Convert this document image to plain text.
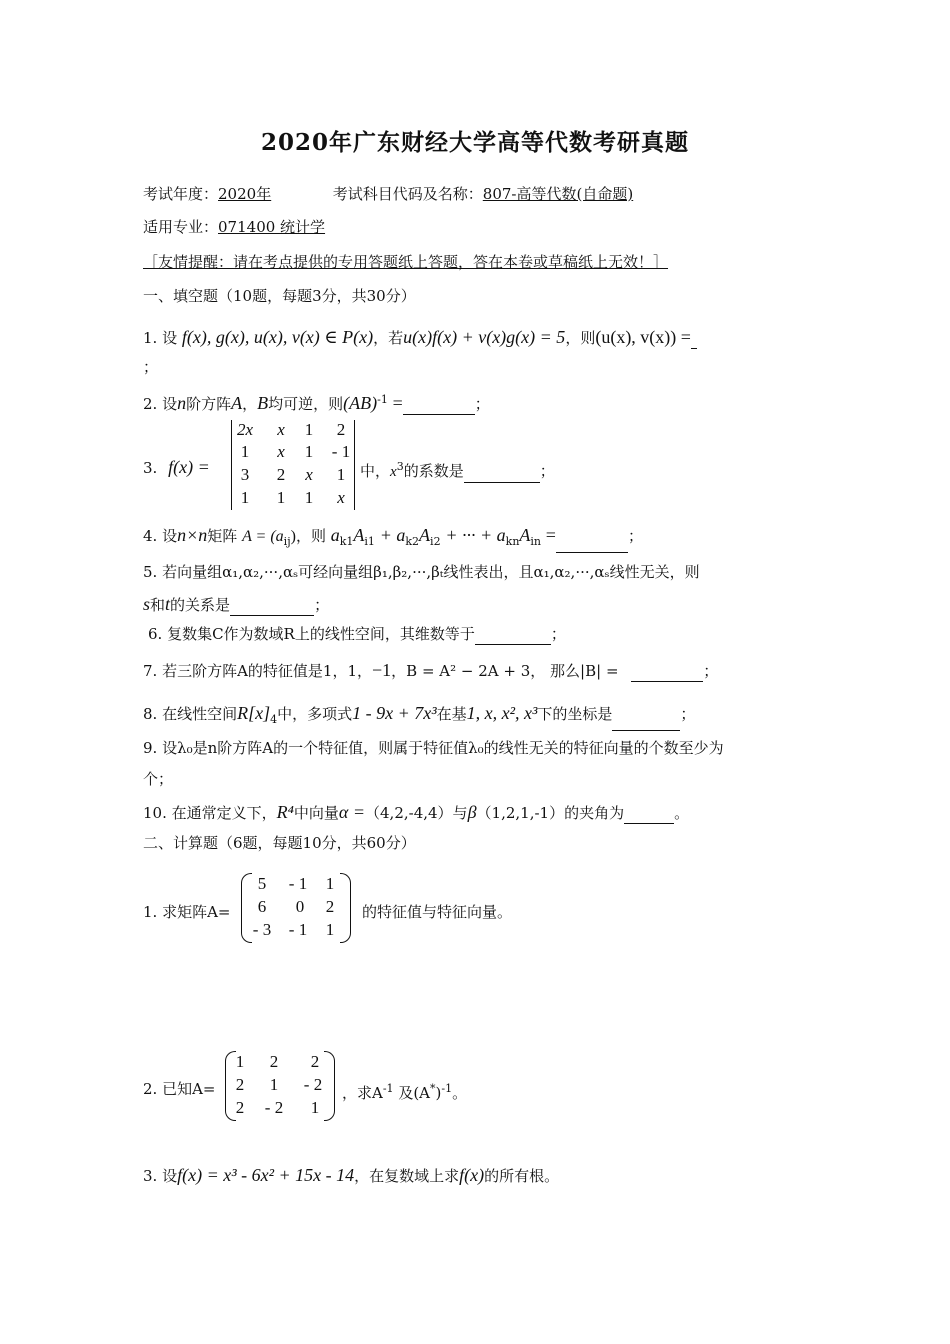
2020年广东财经大学高等代数考研真题
考试年度：2020年	考试科目代码及名称：807-高等代数(自命题)
适用专业：071400 统计学
［友情提醒：请在考点提供的专用答题纸上答题，答在本卷或草稿纸上无效！］
一、填空题（10题，每题3分，共30分）
1. 设 f(x), g(x), u(x), v(x) ∈ P(x)，若u(x)f(x) + v(x)g(x) = 5，则(u(x), v(x)) =
；
2. 设n阶方阵A，B均可逆，则(AB)$^{-1}$ =	；
3. f(x) =
2x	x	1	2
1	x	1	- 1
3	2	x	1
1	1	1	x
中，$x^3$的系数是	；
4. 设n×n矩阵 $A = (a_{ij})$，则 $a_{k1}A_{i1} + a_{k2}A_{i2}$ + ··· + $a_{kn}A_{in}$ =	；
5. 若向量组α₁,α₂,···,αₛ可经向量组β₁,β₂,···,βₜ线性表出，且α₁,α₂,···,αₛ线性无关，则
s和t的关系是	；
6. 复数集C作为数域R上的线性空间，其维数等于	；
7. 若三阶方阵A的特征值是1，1，−1，B = A² − 2A + 3， 那么|B| =	；
8. 在线性空间$R[x]_4$中，多项式1 - 9x + 7x³在基1, x, x², x³下的坐标是	；
9. 设λ₀是n阶方阵A的一个特征值，则属于特征值λ₀的线性无关的特征向量的个数至少为
个；
10. 在通常定义下，R⁴中向量α =（4,2,-4,4）与β（1,2,1,-1）的夹角为	。
二、计算题（6题，每题10分，共60分）
1. 求矩阵A=
5	- 1	1
6	0	2
- 3	- 1	1
的特征值与特征向量。
2. 已知A=
1	2	2
2	1	- 2
2	- 2	1
，求$A^{-1}$ 及$(A^*)^{-1}$。
3. 设f(x) = x³ - 6x² + 15x - 14，在复数域上求f(x)的所有根。
